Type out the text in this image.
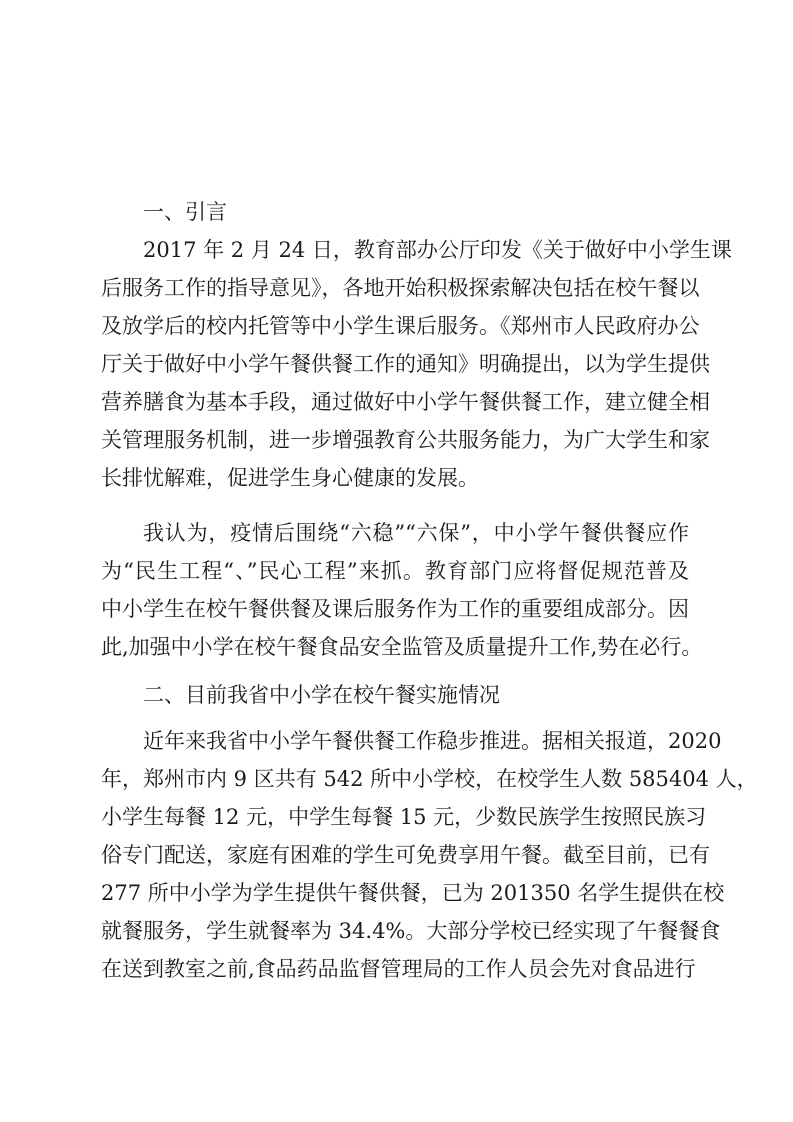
一、引言
2017 年 2 月 24 日，教育部办公厅印发《关于做好中小学生课
后服务工作的指导意见》，各地开始积极探索解决包括在校午餐以
及放学后的校内托管等中小学生课后服务。《郑州市人民政府办公
厅关于做好中小学午餐供餐工作的通知》明确提出，以为学生提供
营养膳食为基本手段，通过做好中小学午餐供餐工作，建立健全相
关管理服务机制，进一步增强教育公共服务能力，为广大学生和家
长排忧解难，促进学生身心健康的发展。
我认为，疫情后围绕“六稳”“六保”，中小学午餐供餐应作
为“民生工程“、”民心工程”来抓。教育部门应将督促规范普及
中小学生在校午餐供餐及课后服务作为工作的重要组成部分。因
此,加强中小学在校午餐食品安全监管及质量提升工作,势在必行。
二、目前我省中小学在校午餐实施情况
近年来我省中小学午餐供餐工作稳步推进。据相关报道，2020
年，郑州市内 9 区共有 542 所中小学校，在校学生人数 585404 人，
小学生每餐 12 元，中学生每餐 15 元，少数民族学生按照民族习
俗专门配送，家庭有困难的学生可免费享用午餐。截至目前，已有
277 所中小学为学生提供午餐供餐，已为 201350 名学生提供在校
就餐服务，学生就餐率为 34.4%。大部分学校已经实现了午餐餐食
在送到教室之前,食品药品监督管理局的工作人员会先对食品进行
